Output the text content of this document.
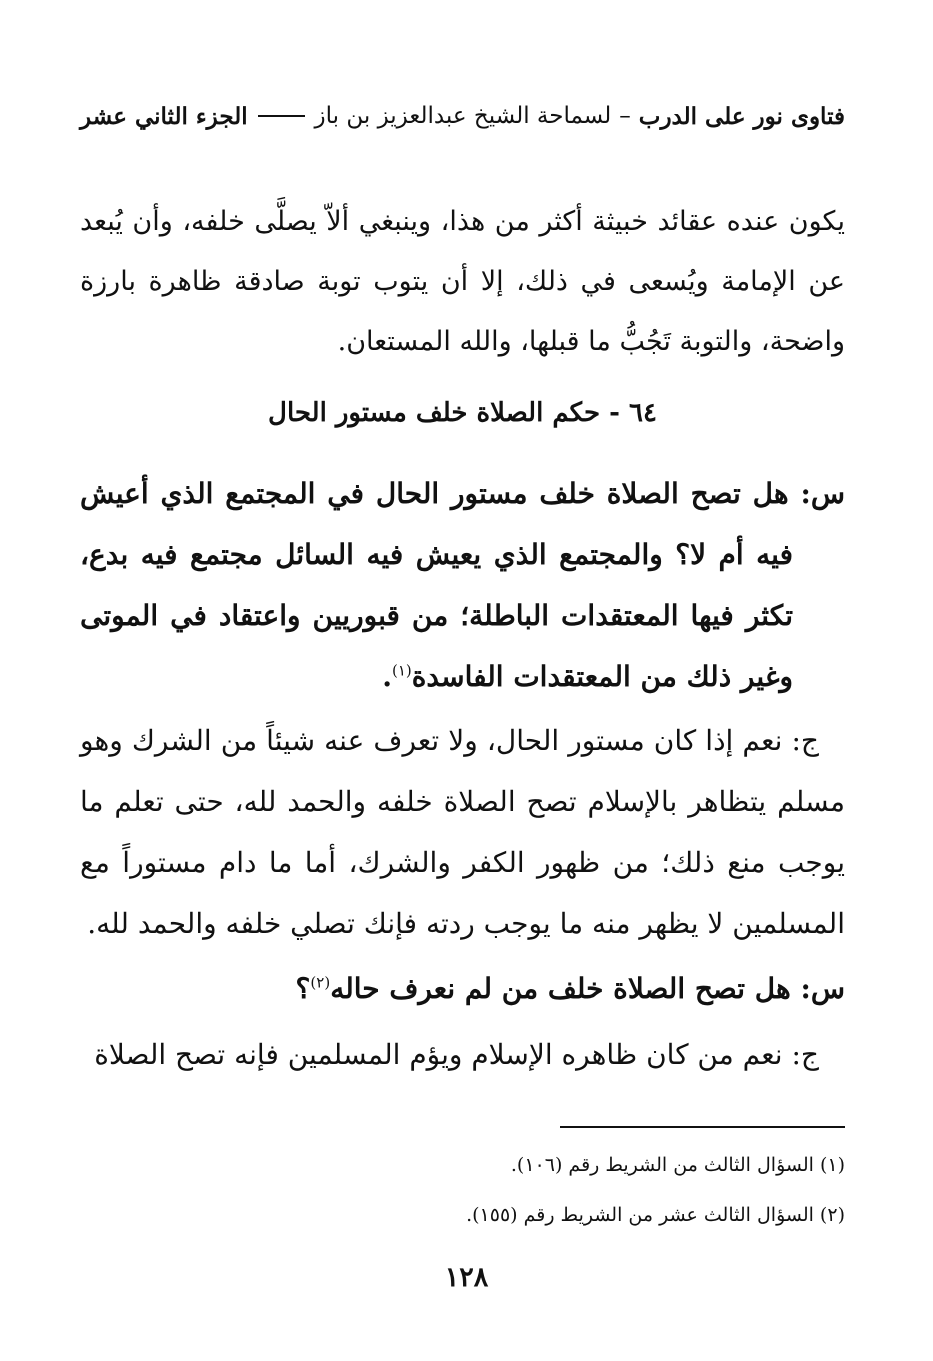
فتاوى نور على الدرب
–
لسماحة الشيخ عبدالعزيز بن باز
الجزء الثاني عشر
يكون عنده عقائد خبيثة أكثر من هذا، وينبغي ألاّ يصلَّى خلفه، وأن يُبعد عن الإمامة ويُسعى في ذلك، إلا أن يتوب توبة صادقة ظاهرة بارزة واضحة، والتوبة تَجُبُّ ما قبلها، والله المستعان.
٦٤ - حكم الصلاة خلف مستور الحال
س: هل تصح الصلاة خلف مستور الحال في المجتمع الذي أعيش فيه أم لا؟ والمجتمع الذي يعيش فيه السائل مجتمع فيه بدع، تكثر فيها المعتقدات الباطلة؛ من قبوريين واعتقاد في الموتى وغير ذلك من المعتقدات الفاسدة$^{(١)}$.
ج: نعم إذا كان مستور الحال، ولا تعرف عنه شيئاً من الشرك وهو مسلم يتظاهر بالإسلام تصح الصلاة خلفه والحمد لله، حتى تعلم ما يوجب منع ذلك؛ من ظهور الكفر والشرك، أما ما دام مستوراً مع المسلمين لا يظهر منه ما يوجب ردته فإنك تصلي خلفه والحمد لله.
س: هل تصح الصلاة خلف من لم نعرف حاله$^{(٢)}$؟
ج: نعم من كان ظاهره الإسلام ويؤم المسلمين فإنه تصح الصلاة
(١) السؤال الثالث من الشريط رقم (١٠٦).
(٢) السؤال الثالث عشر من الشريط رقم (١٥٥).
١٢٨
